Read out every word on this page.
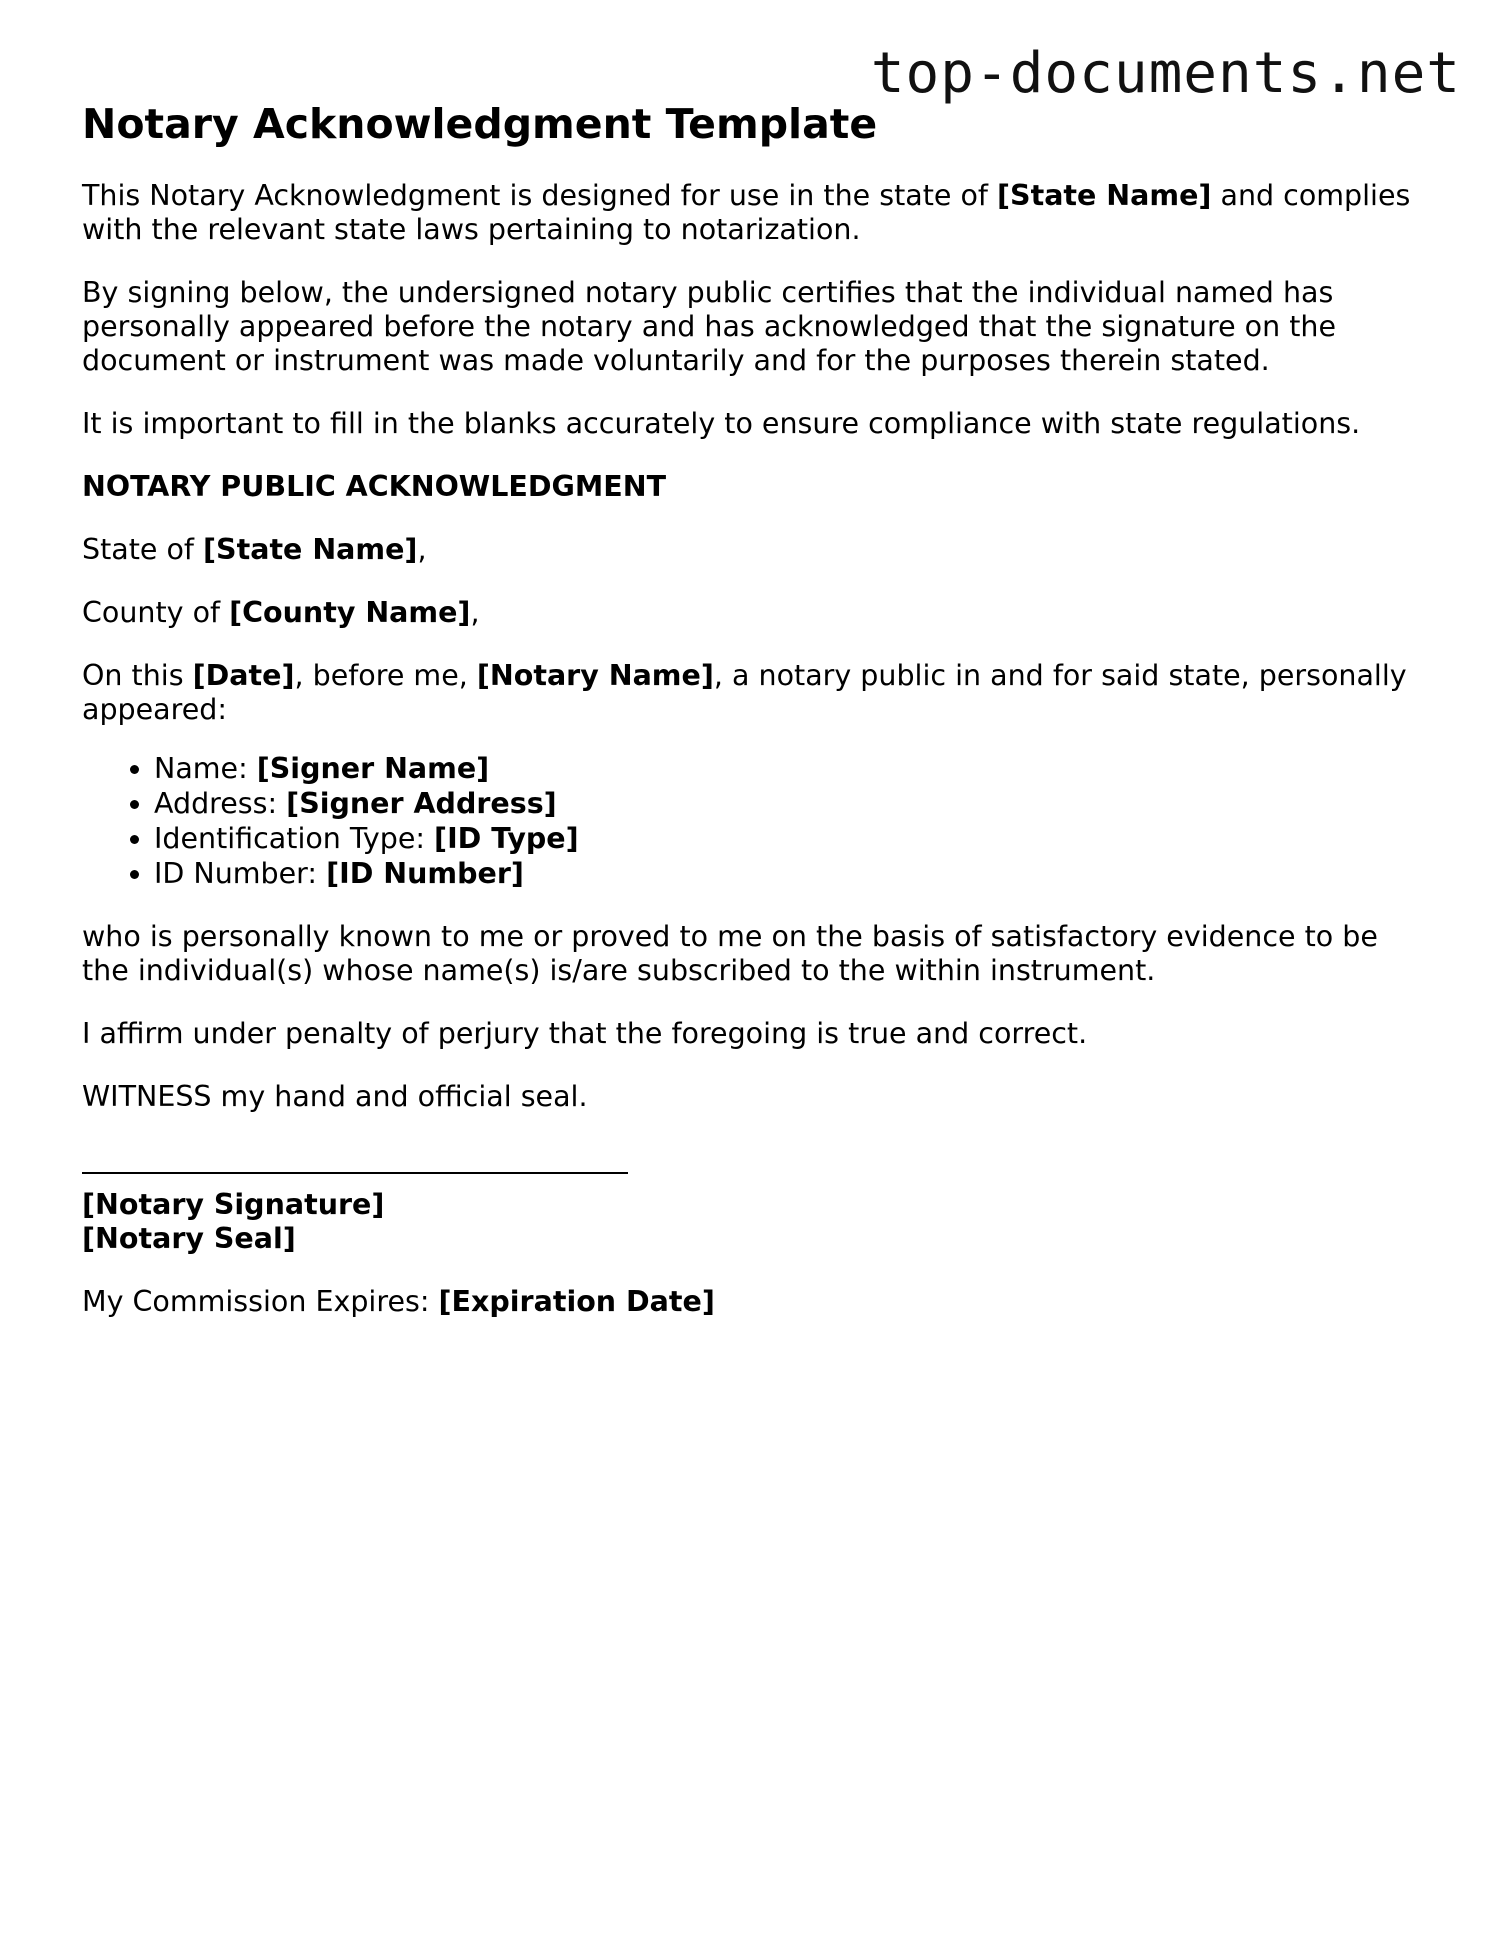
top-documents.net
Notary Acknowledgment Template

This Notary Acknowledgment is designed for use in the state of [State Name] and complies with the relevant state laws pertaining to notarization.

By signing below, the undersigned notary public certifies that the individual named has personally appeared before the notary and has acknowledged that the signature on the document or instrument was made voluntarily and for the purposes therein stated.

It is important to fill in the blanks accurately to ensure compliance with state regulations.

NOTARY PUBLIC ACKNOWLEDGMENT

State of [State Name],

County of [County Name],

On this [Date], before me, [Notary Name], a notary public in and for said state, personally appeared:

• Name: [Signer Name]
• Address: [Signer Address]
• Identification Type: [ID Type]
• ID Number: [ID Number]

who is personally known to me or proved to me on the basis of satisfactory evidence to be the individual(s) whose name(s) is/are subscribed to the within instrument.

I affirm under penalty of perjury that the foregoing is true and correct.

WITNESS my hand and official seal.

[Notary Signature]
[Notary Seal]

My Commission Expires: [Expiration Date]
